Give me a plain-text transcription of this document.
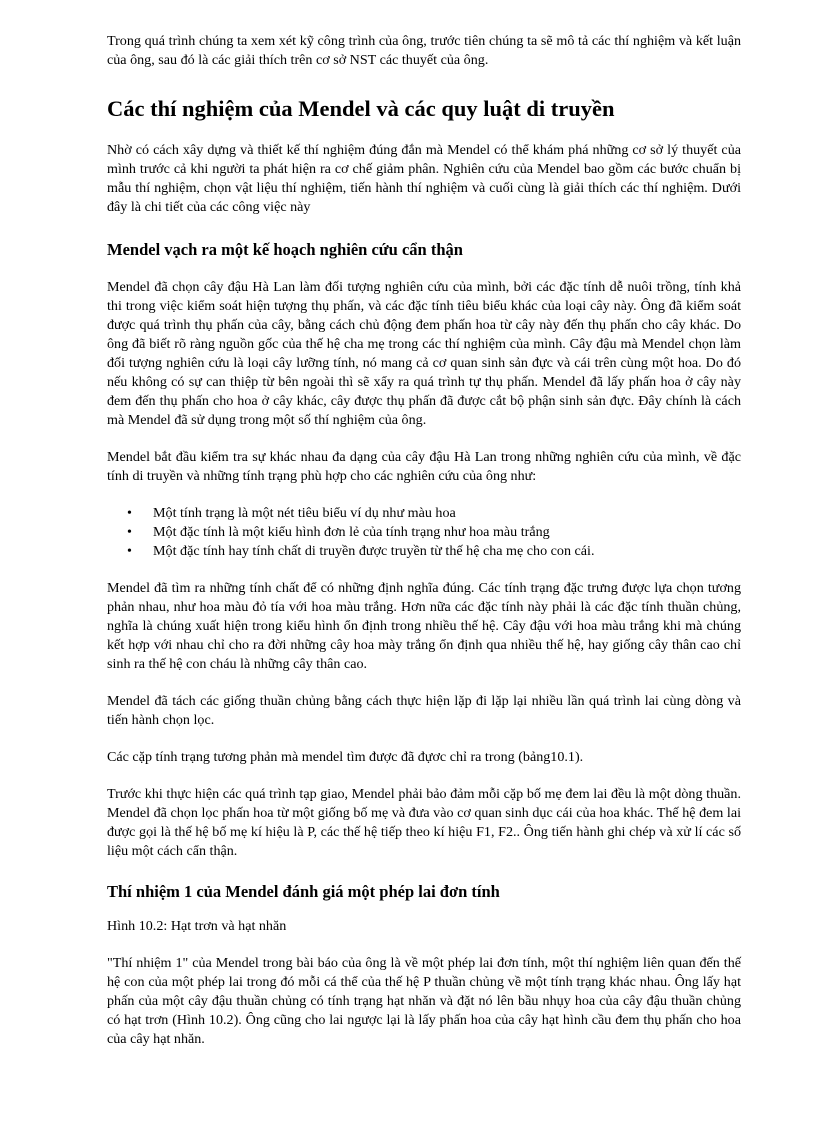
Trong quá trình chúng ta xem xét kỹ công trình của ông, trước tiên chúng ta sẽ mô tả các thí nghiệm và kết luận của ông, sau đó là các giải thích trên cơ sở NST các thuyết của ông.

Các thí nghiệm của Mendel và các quy luật di truyền

Nhờ có cách xây dựng và thiết kế thí nghiệm đúng đắn mà Mendel có thể khám phá những cơ sở lý thuyết của mình trước cả khi người ta phát hiện ra cơ chế giảm phân. Nghiên cứu của Mendel bao gồm các bước chuẩn bị mẫu thí nghiệm, chọn vật liệu thí nghiệm, tiến hành thí nghiệm và cuối cùng là giải thích các thí nghiệm. Dưới đây là chi tiết của các công việc này

Mendel vạch ra một kế hoạch nghiên cứu cẩn thận

Mendel đã chọn cây đậu Hà Lan làm đối tượng nghiên cứu của mình, bởi các đặc tính dễ nuôi trồng, tính khả thi trong việc kiểm soát hiện tượng thụ phấn, và các đặc tính tiêu biểu khác của loại cây này. Ông đã kiểm soát được quá trình thụ phấn của cây, bằng cách chủ động đem phấn hoa từ cây này đến thụ phấn cho cây khác. Do ông đã biết rõ ràng nguồn gốc của thế hệ cha mẹ trong các thí nghiệm của mình. Cây đậu mà Mendel chọn làm đối tượng nghiên cứu là loại cây lưỡng tính, nó mang cả cơ quan sinh sản đực và cái trên cùng một hoa. Do đó nếu không có sự can thiệp từ bên ngoài thì sẽ xẩy ra quá trình tự thụ phấn. Mendel đã lấy phấn hoa ở cây này đem đến thụ phấn cho hoa ở cây khác, cây được thụ phấn đã được cắt bộ phận sinh sản đực. Đây chính là cách mà Mendel đã sử dụng trong một số thí nghiệm của ông.

Mendel bắt đầu kiểm tra sự khác nhau đa dạng của cây đậu Hà Lan trong những nghiên cứu của mình, về đặc tính di truyền và những tính trạng phù hợp cho các nghiên cứu của ông như:

• Một tính trạng là một nét tiêu biểu ví dụ như màu hoa
• Một đặc tính là một kiểu hình đơn lẻ của tính trạng như hoa màu trắng
• Một đặc tính hay tính chất di truyền được truyền từ thế hệ cha mẹ cho con cái.

Mendel đã tìm ra những tính chất để có những định nghĩa đúng. Các tính trạng đặc trưng được lựa chọn tương phản nhau, như hoa màu đỏ tía với hoa màu trắng. Hơn nữa các đặc tính này phải là các đặc tính thuần chủng, nghĩa là chúng xuất hiện trong kiểu hình ổn định trong nhiều thế hệ. Cây đậu với hoa màu trắng khi mà chúng kết hợp với nhau chỉ cho ra đời những cây hoa mày trắng ổn định qua nhiều thế hệ, hay giống cây thân cao chỉ sinh ra thế hệ con cháu là những cây thân cao.

Mendel đã tách các giống thuần chủng bằng cách thực hiện lặp đi lặp lại nhiều lần quá trình lai cùng dòng và tiến hành chọn lọc.

Các cặp tính trạng tương phản mà mendel tìm được đã đựơc chỉ ra trong (bảng10.1).

Trước khi thực hiện các quá trình tạp giao, Mendel phải bảo đảm mỗi cặp bố mẹ đem lai đều là một dòng thuần. Mendel đã chọn lọc phấn hoa từ một giống bố mẹ và đưa vào cơ quan sinh dục cái của hoa khác. Thế hệ đem lai được gọi là thế hệ bố mẹ kí hiệu là P, các thế hệ tiếp theo kí hiệu F1, F2.. Ông tiến hành ghi chép và xử lí các số liệu một cách cẩn thận.

Thí nhiệm 1 của Mendel đánh giá một phép lai đơn tính

Hình 10.2: Hạt trơn và hạt nhăn

"Thí nhiệm 1" của Mendel trong bài báo của ông là về một phép lai đơn tính, một thí nghiệm liên quan đến thế hệ con của một phép lai trong đó mỗi cá thể của thế hệ P thuần chủng về một tính trạng khác nhau. Ông lấy hạt phấn của một cây đậu thuần chủng có tính trạng hạt nhăn và đặt nó lên bầu nhụy hoa của cây đậu thuần chủng có hạt trơn (Hình 10.2). Ông cũng cho lai ngược lại là lấy phấn hoa của cây hạt hình cầu đem thụ phấn cho hoa của cây hạt nhăn.
